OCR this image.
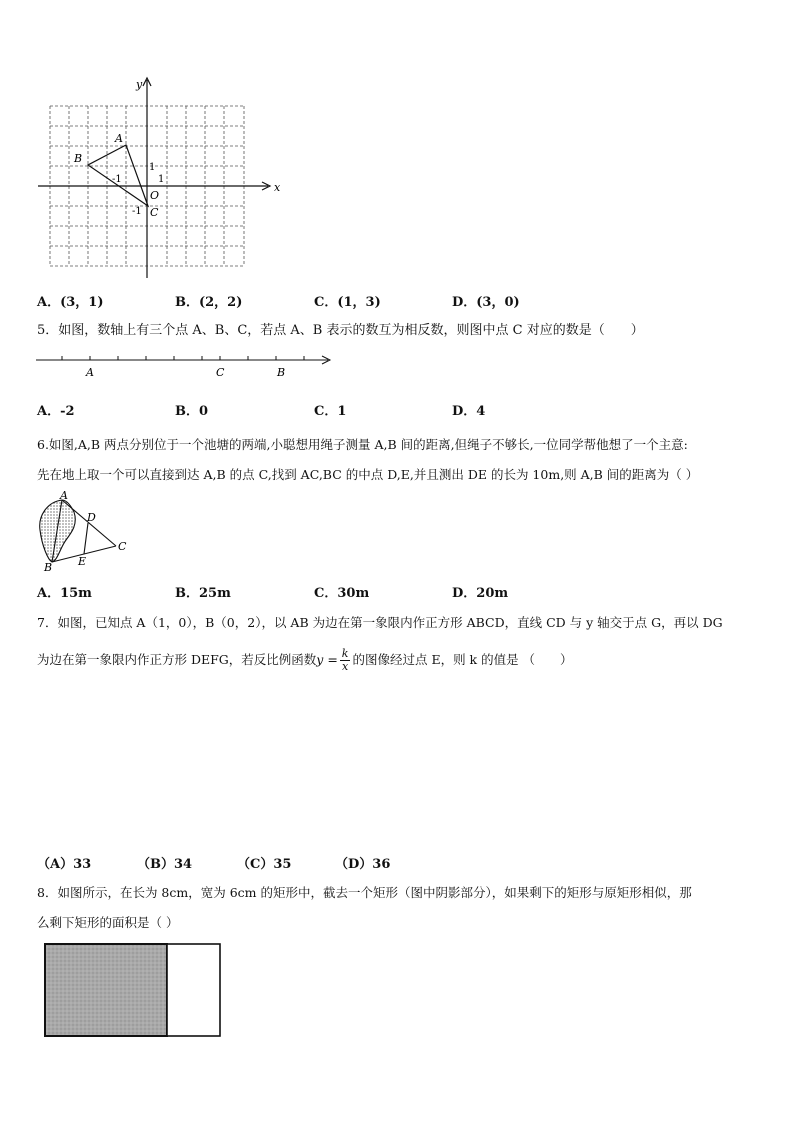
x
y
O
-1	1
1
-1
A
B
C
A．(3，1)	B．(2，2)	C．(1，3)	D．(3，0)
5．如图，数轴上有三个点 A、B、C，若点 A、B 表示的数互为相反数，则图中点 C 对应的数是（　　）
A	C	B
A．-2	B．0	C．1	D．4
6.如图,A,B 两点分别位于一个池塘的两端,小聪想用绳子测量 A,B 间的距离,但绳子不够长,一位同学帮他想了一个主意:
先在地上取一个可以直接到达 A,B 的点 C,找到 AC,BC 的中点 D,E,并且测出 DE 的长为 10m,则 A,B 间的距离为（ ）
A
B
C
D
E
A．15m	B．25m	C．30m	D．20m
7．如图，已知点 A（1，0），B（0，2），以 AB 为边在第一象限内作正方形 ABCD，直线 CD 与 y 轴交于点 G，再以 DG
为边在第一象限内作正方形 DEFG，若反比例函数$y = \frac{k}{x}$ 的图像经过点 E，则 k 的值是 （　　）
（A）33	（B）34	（C）35	（D）36
8．如图所示，在长为 8cm，宽为 6cm 的矩形中，截去一个矩形（图中阴影部分），如果剩下的矩形与原矩形相似，那
么剩下矩形的面积是（ ）
